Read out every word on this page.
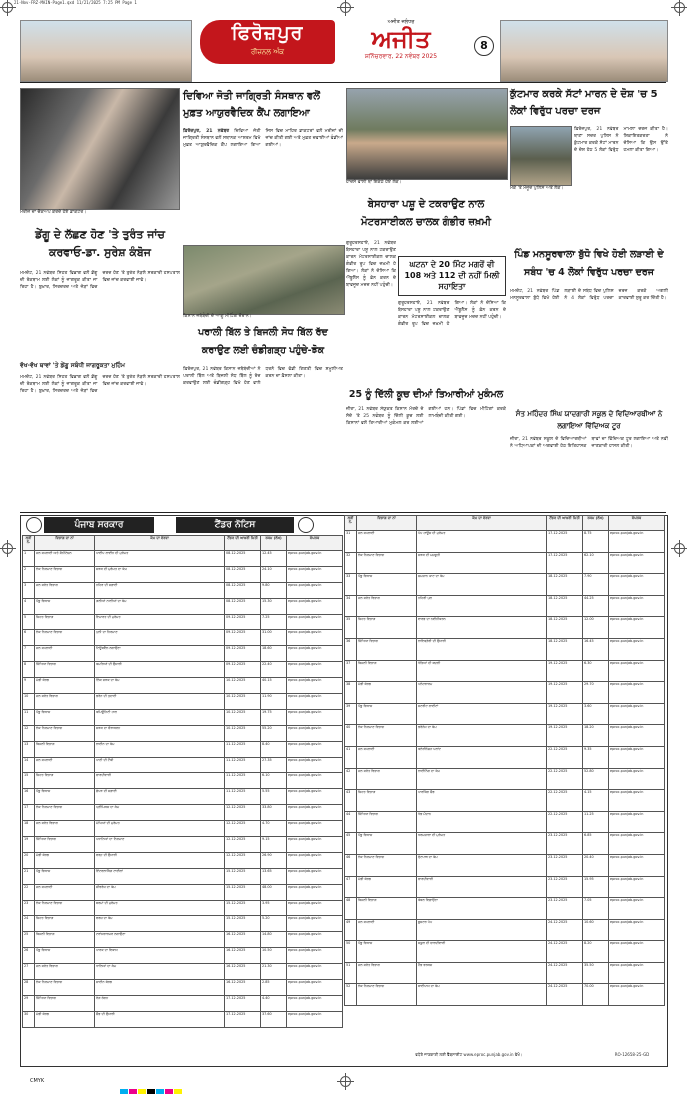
21-Nov-FRZ-MAIN-Page1.qxd 11/21/2025 7:25 PM Page 1
ਫਿਰੋਜ਼ਪੁਰ
ਰੀਜ਼ਨਲ ਅੰਕ
ਅਜੀਤ ਜਲੰਧਰ
ਅਜੀਤ
ਸ਼ਨਿੱਚਰਵਾਰ, 22 ਨਵੰਬਰ 2025
8
ਦਿਵਿਆ ਜੋਤੀ ਜਾਗ੍ਰਿਤੀ ਸੰਸਥਾਨ ਵਲੋਂ ਮੁਫ਼ਤ ਆਯੁਰਵੈਦਿਕ ਕੈਂਪ ਲਗਾਇਆ
ਫ਼ਿਰੋਜ਼ਪੁਰ, 21 ਨਵੰਬਰ ਦਿਵਿਆ ਜੋਤੀ ਜਾਗ੍ਰਿਤੀ ਸੰਸਥਾਨ ਵਲੋਂ ਸਥਾਨਕ ਆਸ਼ਰਮ ਵਿਖੇ ਮੁਫ਼ਤ ਆਯੁਰਵੈਦਿਕ ਕੈਂਪ ਲਗਾਇਆ ਗਿਆ ਜਿਸ ਵਿਚ ਮਾਹਿਰ ਡਾਕਟਰਾਂ ਵਲੋਂ ਮਰੀਜ਼ਾਂ ਦੀ ਜਾਂਚ ਕੀਤੀ ਗਈ ਅਤੇ ਮੁਫ਼ਤ ਦਵਾਈਆਂ ਵੰਡੀਆਂ ਗਈਆਂ।
ਮਰੀਜ਼ ਦਾ ਚੈੱਕਅਪ ਕਰਦੇ ਹੋਏ ਡਾਕਟਰ।
ਡੇਂਗੂ ਦੇ ਲੱਛਣ ਹੋਣ 'ਤੇ ਤੁਰੰਤ ਜਾਂਚ ਕਰਵਾਓ-ਡਾ. ਸੁਰੇਸ਼ ਕੰਬੋਜ
ਮਮਦੋਟ, 21 ਨਵੰਬਰ ਸਿਹਤ ਵਿਭਾਗ ਵਲੋਂ ਡੇਂਗੂ ਦੀ ਰੋਕਥਾਮ ਲਈ ਲੋਕਾਂ ਨੂੰ ਜਾਗਰੂਕ ਕੀਤਾ ਜਾ ਰਿਹਾ ਹੈ। ਬੁਖ਼ਾਰ, ਸਿਰਦਰਦ ਅਤੇ ਜੋੜਾਂ ਵਿਚ ਦਰਦ ਹੋਣ 'ਤੇ ਤੁਰੰਤ ਨੇੜਲੇ ਸਰਕਾਰੀ ਹਸਪਤਾਲ ਵਿਚ ਜਾਂਚ ਕਰਵਾਈ ਜਾਵੇ।
ਵੱਖ-ਵੱਖ ਥਾਵਾਂ 'ਤੇ ਡੇਂਗੂ ਸਬੰਧੀ ਜਾਗਰੂਕਤਾ ਮੁਹਿੰਮ
ਮਮਦੋਟ, 21 ਨਵੰਬਰ ਸਿਹਤ ਵਿਭਾਗ ਵਲੋਂ ਡੇਂਗੂ ਦੀ ਰੋਕਥਾਮ ਲਈ ਲੋਕਾਂ ਨੂੰ ਜਾਗਰੂਕ ਕੀਤਾ ਜਾ ਰਿਹਾ ਹੈ। ਬੁਖ਼ਾਰ, ਸਿਰਦਰਦ ਅਤੇ ਜੋੜਾਂ ਵਿਚ ਦਰਦ ਹੋਣ 'ਤੇ ਤੁਰੰਤ ਨੇੜਲੇ ਸਰਕਾਰੀ ਹਸਪਤਾਲ ਵਿਚ ਜਾਂਚ ਕਰਵਾਈ ਜਾਵੇ।
ਕਿਸਾਨ ਜਥੇਬੰਦੀ ਦੇ ਆਗੂ ਮੀਟਿੰਗ ਦੌਰਾਨ।
ਪਰਾਲੀ ਬਿੱਲ ਤੇ ਬਿਜਲੀ ਸੋਧ ਬਿੱਲ ਰੱਦ ਕਰਾਉਣ ਲਈ ਚੰਡੀਗੜ੍ਹ ਪਹੁੰਚੇ-ਝੋਕ
ਫ਼ਿਰੋਜ਼ਪੁਰ, 21 ਨਵੰਬਰ ਕਿਸਾਨ ਜਥੇਬੰਦੀਆਂ ਨੇ ਪਰਾਲੀ ਬਿੱਲ ਅਤੇ ਬਿਜਲੀ ਸੋਧ ਬਿੱਲ ਨੂੰ ਰੱਦ ਕਰਵਾਉਣ ਲਈ ਚੰਡੀਗੜ੍ਹ ਵਿਖੇ ਹੋਣ ਵਾਲੇ ਧਰਨੇ ਵਿਚ ਵੱਡੀ ਗਿਣਤੀ ਵਿਚ ਸ਼ਮੂਲੀਅਤ ਕਰਨ ਦਾ ਫ਼ੈਸਲਾ ਕੀਤਾ।
ਹਾਦਸੇ ਵਾਲੀ ਥਾਂ ਇਕੱਠੇ ਹੋਏ ਲੋਕ।
ਬੇਸਹਾਰਾ ਪਸ਼ੂ ਦੇ ਟਕਰਾਉਣ ਨਾਲ ਮੋਟਰਸਾਈਕਲ ਚਾਲਕ ਗੰਭੀਰ ਜ਼ਖ਼ਮੀ
ਘਟਨਾ ਦੇ 20 ਮਿੰਟ ਮਗਰੋਂ ਵੀ 108 ਅਤੇ 112 ਦੀ ਨਹੀਂ ਮਿਲੀ ਸਹਾਇਤਾ
ਗੁਰੂਹਰਸਹਾਏ, 21 ਨਵੰਬਰ ਬੇਸਹਾਰਾ ਪਸ਼ੂ ਨਾਲ ਟਕਰਾਉਣ ਕਾਰਨ ਮੋਟਰਸਾਈਕਲ ਚਾਲਕ ਗੰਭੀਰ ਰੂਪ ਵਿਚ ਜ਼ਖ਼ਮੀ ਹੋ ਗਿਆ। ਲੋਕਾਂ ਨੇ ਦੱਸਿਆ ਕਿ ਐਂਬੂਲੈਂਸ ਨੂੰ ਫ਼ੋਨ ਕਰਨ ਦੇ ਬਾਵਜੂਦ ਮਦਦ ਨਹੀਂ ਪਹੁੰਚੀ।
ਗੁਰੂਹਰਸਹਾਏ, 21 ਨਵੰਬਰ ਬੇਸਹਾਰਾ ਪਸ਼ੂ ਨਾਲ ਟਕਰਾਉਣ ਕਾਰਨ ਮੋਟਰਸਾਈਕਲ ਚਾਲਕ ਗੰਭੀਰ ਰੂਪ ਵਿਚ ਜ਼ਖ਼ਮੀ ਹੋ ਗਿਆ। ਲੋਕਾਂ ਨੇ ਦੱਸਿਆ ਕਿ ਐਂਬੂਲੈਂਸ ਨੂੰ ਫ਼ੋਨ ਕਰਨ ਦੇ ਬਾਵਜੂਦ ਮਦਦ ਨਹੀਂ ਪਹੁੰਚੀ।
25 ਨੂੰ ਦਿੱਲੀ ਕੂਚ ਦੀਆਂ ਤਿਆਰੀਆਂ ਮੁਕੰਮਲ
ਜ਼ੀਰਾ, 21 ਨਵੰਬਰ ਸੰਯੁਕਤ ਕਿਸਾਨ ਮੋਰਚੇ ਦੇ ਸੱਦੇ 'ਤੇ 25 ਨਵੰਬਰ ਨੂੰ ਦਿੱਲੀ ਕੂਚ ਲਈ ਕਿਸਾਨਾਂ ਵਲੋਂ ਤਿਆਰੀਆਂ ਮੁਕੰਮਲ ਕਰ ਲਈਆਂ ਗਈਆਂ ਹਨ। ਪਿੰਡਾਂ ਵਿਚ ਮੀਟਿੰਗਾਂ ਕਰਕੇ ਲਾਮਬੰਦੀ ਕੀਤੀ ਗਈ।
ਕੁੱਟਮਾਰ ਕਰਕੇ ਸੱਟਾਂ ਮਾਰਨ ਦੇ ਦੋਸ਼ 'ਚ 5 ਲੋਕਾਂ ਵਿਰੁੱਧ ਪਰਚਾ ਦਰਜ
ਮੌਕੇ 'ਤੇ ਮੌਜੂਦ ਪੁਲਿਸ ਅਤੇ ਲੋਕ।
ਫ਼ਿਰੋਜ਼ਪੁਰ, 21 ਨਵੰਬਰ ਥਾਣਾ ਸਦਰ ਪੁਲਿਸ ਨੇ ਕੁੱਟਮਾਰ ਕਰਕੇ ਸੱਟਾਂ ਮਾਰਨ ਦੇ ਦੋਸ਼ ਹੇਠ 5 ਲੋਕਾਂ ਵਿਰੁੱਧ ਮਾਮਲਾ ਦਰਜ ਕੀਤਾ ਹੈ। ਸ਼ਿਕਾਇਤਕਰਤਾ ਨੇ ਦੱਸਿਆ ਕਿ ਉਸ ਉੱਤੇ ਹਮਲਾ ਕੀਤਾ ਗਿਆ।
ਪਿੰਡ ਮਨਸੂਰਵਾਲਾ ਬੁੱਧੋ ਵਿਖੇ ਹੋਈ ਲੜਾਈ ਦੇ ਸਬੰਧ 'ਚ 4 ਲੋਕਾਂ ਵਿਰੁੱਧ ਪਰਚਾ ਦਰਜ
ਮਮਦੋਟ, 21 ਨਵੰਬਰ ਪਿੰਡ ਮਨਸੂਰਵਾਲਾ ਬੁੱਧੋ ਵਿਖੇ ਹੋਈ ਲੜਾਈ ਦੇ ਸਬੰਧ ਵਿਚ ਪੁਲਿਸ ਨੇ 4 ਲੋਕਾਂ ਵਿਰੁੱਧ ਪਰਚਾ ਦਰਜ ਕਰਕੇ ਅਗਲੀ ਕਾਰਵਾਈ ਸ਼ੁਰੂ ਕਰ ਦਿੱਤੀ ਹੈ।
ਸੰਤ ਮਹਿੰਦਰ ਸਿੰਘ ਯਾਦਗਾਰੀ ਸਕੂਲ ਦੇ ਵਿਦਿਆਰਥੀਆਂ ਨੇ ਲਗਾਇਆ ਵਿੱਦਿਅਕ ਟੂਰ
ਜ਼ੀਰਾ, 21 ਨਵੰਬਰ ਸਕੂਲ ਦੇ ਵਿਦਿਆਰਥੀਆਂ ਨੇ ਅਧਿਆਪਕਾਂ ਦੀ ਅਗਵਾਈ ਹੇਠ ਇਤਿਹਾਸਕ ਥਾਵਾਂ ਦਾ ਵਿੱਦਿਅਕ ਟੂਰ ਲਗਾਇਆ ਅਤੇ ਨਵੀਂ ਜਾਣਕਾਰੀ ਹਾਸਲ ਕੀਤੀ।
ਪੰਜਾਬ ਸਰਕਾਰ	ਟੈਂਡਰ ਨੋਟਿਸ
ਲੜੀ ਨੰ.	ਵਿਭਾਗ ਦਾ ਨਾਂ	ਕੰਮ ਦਾ ਵੇਰਵਾ	ਟੈਂਡਰ ਦੀ ਆਖ਼ਰੀ ਮਿਤੀ	ਰਕਮ (ਲੱਖ)	ਸੰਪਰਕ
1	ਜਲ ਸਪਲਾਈ ਅਤੇ ਸੈਨੀਟੇਸ਼ਨ	ਪਾਈਪ ਲਾਈਨ ਦੀ ਮੁਰੰਮਤ	08.12.2025	12.45	eproc.punjab.gov.in
2	ਲੋਕ ਨਿਰਮਾਣ ਵਿਭਾਗ	ਸੜਕ ਦੀ ਮੁਰੰਮਤ ਦਾ ਕੰਮ	08.12.2025	24.10	eproc.punjab.gov.in
3	ਜਲ ਸਰੋਤ ਵਿਭਾਗ	ਨਹਿਰ ਦੀ ਸਫ਼ਾਈ	08.12.2025	9.80	eproc.punjab.gov.in
4	ਪੇਂਡੂ ਵਿਕਾਸ	ਗਲੀਆਂ ਨਾਲੀਆਂ ਦਾ ਕੰਮ	08.12.2025	15.30	eproc.punjab.gov.in
5	ਸਿਹਤ ਵਿਭਾਗ	ਇਮਾਰਤ ਦੀ ਮੁਰੰਮਤ	09.12.2025	7.25	eproc.punjab.gov.in
6	ਲੋਕ ਨਿਰਮਾਣ ਵਿਭਾਗ	ਪੁਲੀ ਦਾ ਨਿਰਮਾਣ	09.12.2025	31.00	eproc.punjab.gov.in
7	ਜਲ ਸਪਲਾਈ	ਟਿਊਬਵੈੱਲ ਲਗਾਉਣਾ	09.12.2025	18.60	eproc.punjab.gov.in
8	ਸਿੱਖਿਆ ਵਿਭਾਗ	ਕਮਰਿਆਂ ਦੀ ਉਸਾਰੀ	09.12.2025	22.40	eproc.punjab.gov.in
9	ਮੰਡੀ ਬੋਰਡ	ਲਿੰਕ ਸੜਕ ਦਾ ਕੰਮ	10.12.2025	40.15	eproc.punjab.gov.in
10	ਜਲ ਸਰੋਤ ਵਿਭਾਗ	ਡਰੇਨ ਦੀ ਖੁਦਾਈ	10.12.2025	11.90	eproc.punjab.gov.in
11	ਪੇਂਡੂ ਵਿਕਾਸ	ਕਮਿਊਨਿਟੀ ਹਾਲ	10.12.2025	19.75	eproc.punjab.gov.in
12	ਲੋਕ ਨਿਰਮਾਣ ਵਿਭਾਗ	ਸੜਕ ਦਾ ਚੌੜਾਕਰਨ	10.12.2025	55.20	eproc.punjab.gov.in
13	ਬਿਜਲੀ ਵਿਭਾਗ	ਲਾਈਨ ਦਾ ਕੰਮ	11.12.2025	8.40	eproc.punjab.gov.in
14	ਜਲ ਸਪਲਾਈ	ਪਾਣੀ ਦੀ ਟੈਂਕੀ	11.12.2025	27.35	eproc.punjab.gov.in
15	ਸਿਹਤ ਵਿਭਾਗ	ਚਾਰਦੀਵਾਰੀ	11.12.2025	6.10	eproc.punjab.gov.in
16	ਪੇਂਡੂ ਵਿਕਾਸ	ਛੱਪੜ ਦੀ ਸਫ਼ਾਈ	11.12.2025	5.55	eproc.punjab.gov.in
17	ਲੋਕ ਨਿਰਮਾਣ ਵਿਭਾਗ	ਪ੍ਰੀਮਿਕਸ ਦਾ ਕੰਮ	12.12.2025	33.80	eproc.punjab.gov.in
18	ਜਲ ਸਰੋਤ ਵਿਭਾਗ	ਮੋਘਿਆਂ ਦੀ ਮੁਰੰਮਤ	12.12.2025	4.70	eproc.punjab.gov.in
19	ਸਿੱਖਿਆ ਵਿਭਾਗ	ਪਖਾਨਿਆਂ ਦਾ ਨਿਰਮਾਣ	12.12.2025	9.15	eproc.punjab.gov.in
20	ਮੰਡੀ ਬੋਰਡ	ਫੜ੍ਹ ਦੀ ਉਸਾਰੀ	12.12.2025	26.90	eproc.punjab.gov.in
21	ਪੇਂਡੂ ਵਿਕਾਸ	ਇੰਟਰਲਾਕਿੰਗ ਟਾਈਲਾਂ	15.12.2025	13.65	eproc.punjab.gov.in
22	ਜਲ ਸਪਲਾਈ	ਸੀਵਰੇਜ ਦਾ ਕੰਮ	15.12.2025	48.00	eproc.punjab.gov.in
23	ਲੋਕ ਨਿਰਮਾਣ ਵਿਭਾਗ	ਬਰਮਾਂ ਦੀ ਮੁਰੰਮਤ	15.12.2025	3.95	eproc.punjab.gov.in
24	ਸਿਹਤ ਵਿਭਾਗ	ਫਰਸ਼ ਦਾ ਕੰਮ	15.12.2025	5.20	eproc.punjab.gov.in
25	ਬਿਜਲੀ ਵਿਭਾਗ	ਟਰਾਂਸਫਾਰਮਰ ਲਗਾਉਣਾ	16.12.2025	14.80	eproc.punjab.gov.in
26	ਪੇਂਡੂ ਵਿਕਾਸ	ਪਾਰਕ ਦਾ ਵਿਕਾਸ	16.12.2025	10.50	eproc.punjab.gov.in
27	ਜਲ ਸਰੋਤ ਵਿਭਾਗ	ਖਾਲਿਆਂ ਦਾ ਕੰਮ	16.12.2025	21.30	eproc.punjab.gov.in
28	ਲੋਕ ਨਿਰਮਾਣ ਵਿਭਾਗ	ਸਾਈਨ ਬੋਰਡ	16.12.2025	2.85	eproc.punjab.gov.in
29	ਸਿੱਖਿਆ ਵਿਭਾਗ	ਰੰਗ ਰੋਗਨ	17.12.2025	4.40	eproc.punjab.gov.in
30	ਮੰਡੀ ਬੋਰਡ	ਸ਼ੈੱਡ ਦੀ ਉਸਾਰੀ	17.12.2025	37.60	eproc.punjab.gov.in
ਲੜੀ ਨੰ.	ਵਿਭਾਗ ਦਾ ਨਾਂ	ਕੰਮ ਦਾ ਵੇਰਵਾ	ਟੈਂਡਰ ਦੀ ਆਖ਼ਰੀ ਮਿਤੀ	ਰਕਮ (ਲੱਖ)	ਸੰਪਰਕ
31	ਜਲ ਸਪਲਾਈ	ਪੰਪ ਹਾਊਸ ਦੀ ਮੁਰੰਮਤ	17.12.2025	8.75	eproc.punjab.gov.in
32	ਲੋਕ ਨਿਰਮਾਣ ਵਿਭਾਗ	ਸੜਕ ਦੀ ਮਜ਼ਬੂਤੀ	17.12.2025	62.10	eproc.punjab.gov.in
33	ਪੇਂਡੂ ਵਿਕਾਸ	ਸ਼ਮਸ਼ਾਨ ਘਾਟ ਦਾ ਕੰਮ	18.12.2025	7.90	eproc.punjab.gov.in
34	ਜਲ ਸਰੋਤ ਵਿਭਾਗ	ਨਹਿਰੀ ਪੁਲ	18.12.2025	44.25	eproc.punjab.gov.in
35	ਸਿਹਤ ਵਿਭਾਗ	ਵਾਰਡ ਦਾ ਨਵੀਨੀਕਰਨ	18.12.2025	12.00	eproc.punjab.gov.in
36	ਸਿੱਖਿਆ ਵਿਭਾਗ	ਲਾਇਬ੍ਰੇਰੀ ਦੀ ਉਸਾਰੀ	18.12.2025	16.45	eproc.punjab.gov.in
37	ਬਿਜਲੀ ਵਿਭਾਗ	ਖੰਭਿਆਂ ਦੀ ਬਦਲੀ	19.12.2025	6.30	eproc.punjab.gov.in
38	ਮੰਡੀ ਬੋਰਡ	ਪਲੇਟਫਾਰਮ	19.12.2025	29.70	eproc.punjab.gov.in
39	ਪੇਂਡੂ ਵਿਕਾਸ	ਸਟਰੀਟ ਲਾਈਟਾਂ	19.12.2025	3.60	eproc.punjab.gov.in
40	ਲੋਕ ਨਿਰਮਾਣ ਵਿਭਾਗ	ਡਰੇਨੇਜ ਦਾ ਕੰਮ	19.12.2025	18.20	eproc.punjab.gov.in
41	ਜਲ ਸਪਲਾਈ	ਕਲੋਰੀਨੇਸ਼ਨ ਪਲਾਂਟ	22.12.2025	9.35	eproc.punjab.gov.in
42	ਜਲ ਸਰੋਤ ਵਿਭਾਗ	ਲਾਈਨਿੰਗ ਦਾ ਕੰਮ	22.12.2025	52.80	eproc.punjab.gov.in
43	ਸਿਹਤ ਵਿਭਾਗ	ਪਾਰਕਿੰਗ ਸ਼ੈੱਡ	22.12.2025	4.15	eproc.punjab.gov.in
44	ਸਿੱਖਿਆ ਵਿਭਾਗ	ਖੇਡ ਮੈਦਾਨ	22.12.2025	11.25	eproc.punjab.gov.in
45	ਪੇਂਡੂ ਵਿਕਾਸ	ਧਰਮਸ਼ਾਲਾ ਦੀ ਮੁਰੰਮਤ	23.12.2025	6.85	eproc.punjab.gov.in
46	ਲੋਕ ਨਿਰਮਾਣ ਵਿਭਾਗ	ਫੁੱਟਪਾਥ ਦਾ ਕੰਮ	23.12.2025	20.40	eproc.punjab.gov.in
47	ਮੰਡੀ ਬੋਰਡ	ਚਾਰਦੀਵਾਰੀ	23.12.2025	15.95	eproc.punjab.gov.in
48	ਬਿਜਲੀ ਵਿਭਾਗ	ਕੇਬਲ ਵਿਛਾਉਣਾ	23.12.2025	7.05	eproc.punjab.gov.in
49	ਜਲ ਸਪਲਾਈ	ਬੂਸਟਰ ਪੰਪ	24.12.2025	10.60	eproc.punjab.gov.in
50	ਪੇਂਡੂ ਵਿਕਾਸ	ਸਕੂਲ ਦੀ ਚਾਰਦੀਵਾਰੀ	24.12.2025	8.20	eproc.punjab.gov.in
51	ਜਲ ਸਰੋਤ ਵਿਭਾਗ	ਹੈੱਡ ਵਰਕਸ	24.12.2025	35.50	eproc.punjab.gov.in
52	ਲੋਕ ਨਿਰਮਾਣ ਵਿਭਾਗ	ਬਾਈਪਾਸ ਦਾ ਕੰਮ	24.12.2025	70.00	eproc.punjab.gov.in
ਵਧੇਰੇ ਜਾਣਕਾਰੀ ਲਈ ਵੈੱਬਸਾਈਟ www.eproc.punjab.gov.in ਵੇਖੋ।	RO-12658-25-GD
CMYK
